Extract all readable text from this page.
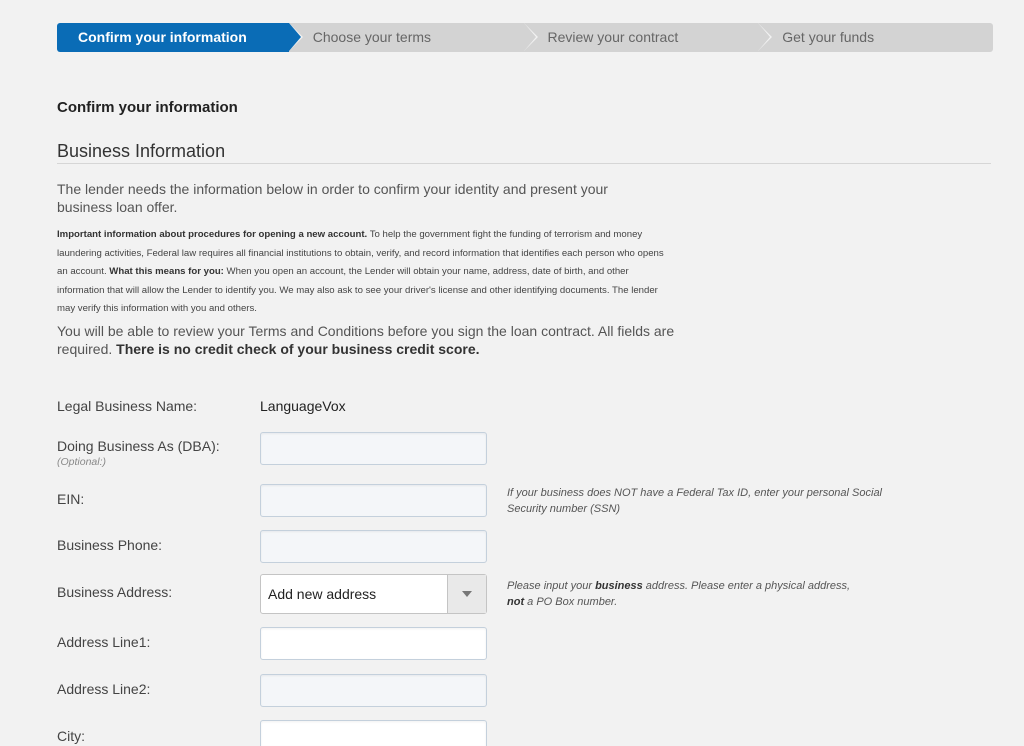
Confirm your information	Choose your terms	Review your contract	Get your funds
Confirm your information
Business Information
The lender needs the information below in order to confirm your identity and present your business loan offer.
Important information about procedures for opening a new account. To help the government fight the funding of terrorism and money laundering activities, Federal law requires all financial institutions to obtain, verify, and record information that identifies each person who opens an account. What this means for you: When you open an account, the Lender will obtain your name, address, date of birth, and other information that will allow the Lender to identify you. We may also ask to see your driver's license and other identifying documents. The lender may verify this information with you and others.
You will be able to review your Terms and Conditions before you sign the loan contract. All fields are required. There is no credit check of your business credit score.
Legal Business Name:	LanguageVox
Doing Business As (DBA):
(Optional:)
EIN:	If your business does NOT have a Federal Tax ID, enter your personal Social Security number (SSN)
Business Phone:
Business Address:	Add new address	Please input your business address. Please enter a physical address,
not a PO Box number.
Address Line1:
Address Line2:
City:
